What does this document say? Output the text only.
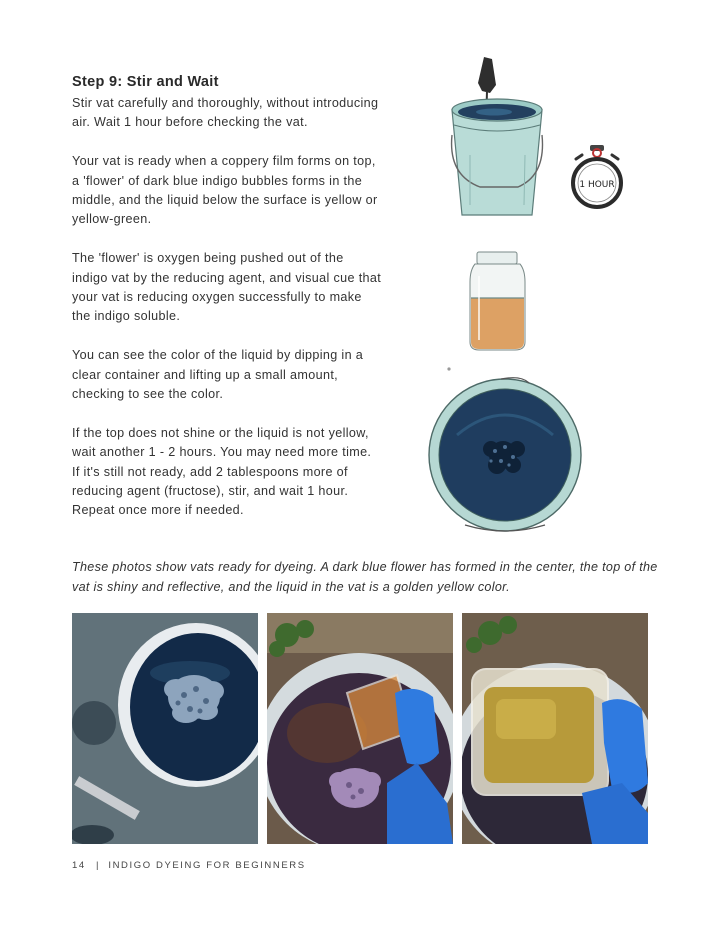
Step 9: Stir and Wait

Stir vat carefully and thoroughly, without introducing air. Wait 1 hour before checking the vat.

Your vat is ready when a coppery film forms on top, a 'flower' of dark blue indigo bubbles forms in the middle, and the liquid below the surface is yellow or yellow-green.

The 'flower' is oxygen being pushed out of the indigo vat by the reducing agent, and visual cue that your vat is reducing oxygen successfully to make the indigo soluble.

You can see the color of the liquid by dipping in a clear container and lifting up a small amount, checking to see the color.

If the top does not shine or the liquid is not yellow, wait another 1 - 2 hours. You may need more time. If it's still not ready, add 2 tablespoons more of reducing agent (fructose), stir, and wait 1 hour. Repeat once more if needed.

1 HOUR

These photos show vats ready for dyeing. A dark blue flower has formed in the center, the top of the vat is shiny and reflective, and the liquid in the vat is a golden yellow color.

14 | INDIGO DYEING FOR BEGINNERS
